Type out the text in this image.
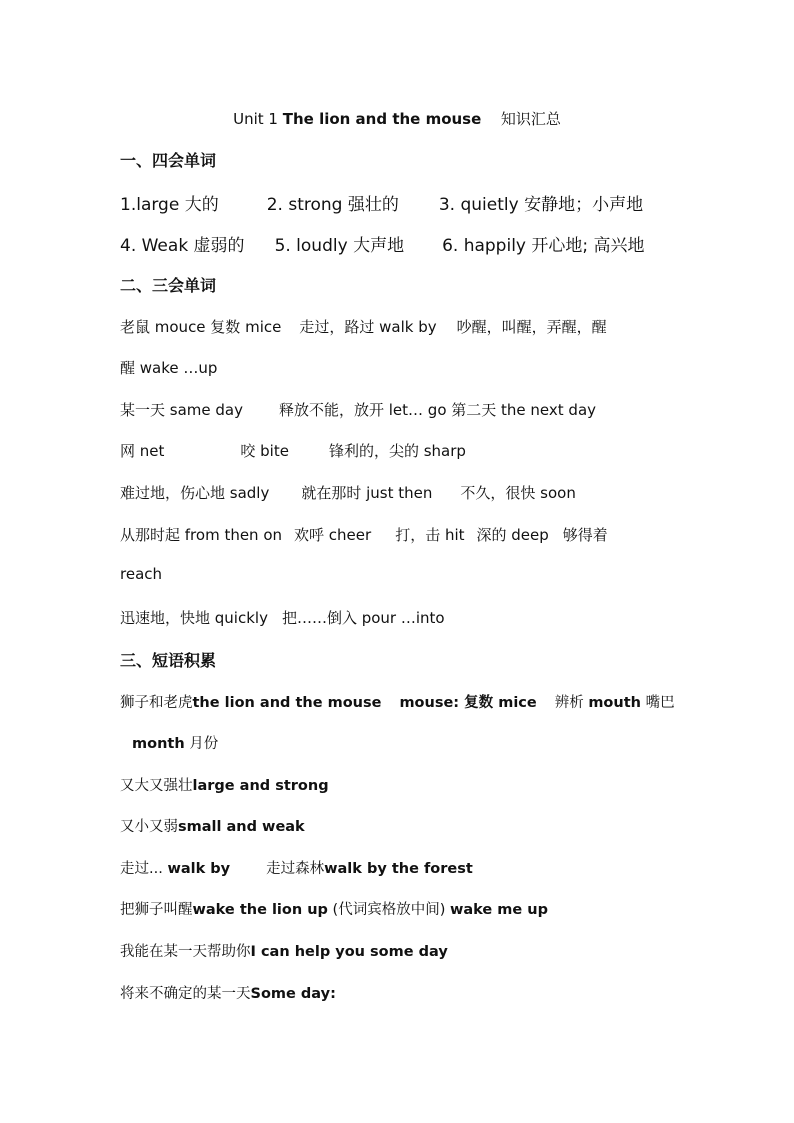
Unit 1 The lion and the mouse 知识汇总
一、四会单词
1.large 大的	2. strong 强壮的 3. quietly 安静地；小声地
4. Weak 虚弱的 5. loudly 大声地 6. happily 开心地; 高兴地
二、三会单词
老鼠 mouce 复数 mice 走过，路过 walk by 吵醒，叫醒，弄醒，醒
醒 wake …up
某一天 same day 释放不能，放开 let… go 第二天 the next day
网 net	咬 bite	锋利的，尖的 sharp
难过地，伤心地 sadly 就在那时 just then 不久，很快 soon
从那时起 from then on 欢呼 cheer 打，击 hit 深的 deep 够得着
reach
迅速地，快地 quickly 把……倒入 pour …into
三、短语积累
狮子和老虎the lion and the mouse mouse: 复数 mice 辨析 mouth 嘴巴
month 月份
又大又强壮large and strong
又小又弱small and weak
走过... walk by 走过森林walk by the forest
把狮子叫醒wake the lion up (代词宾格放中间) wake me up
我能在某一天帮助你I can help you some day
将来不确定的某一天Some day:
